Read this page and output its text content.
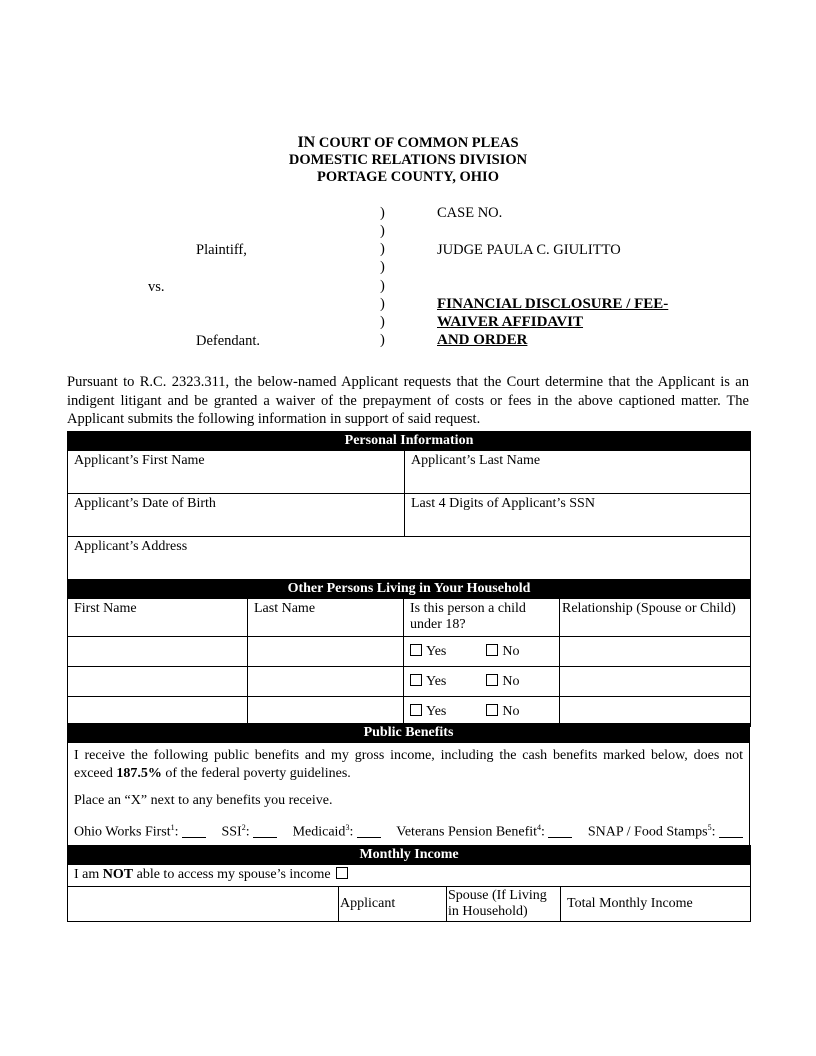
IN COURT OF COMMON PLEAS
DOMESTIC RELATIONS DIVISION
PORTAGE COUNTY, OHIO
Plaintiff,
vs.
Defendant.
)
)
)
)
)
)
)
)
CASE NO.
JUDGE PAULA C. GIULITTO
FINANCIAL DISCLOSURE / FEE-
WAIVER AFFIDAVIT
AND ORDER
Pursuant to R.C. 2323.311, the below-named Applicant requests that the Court determine that the Applicant is an indigent litigant and be granted a waiver of the prepayment of costs or fees in the above captioned matter. The Applicant submits the following information in support of said request.
Personal Information	
Applicant’s First Name	Applicant’s Last Name
Applicant’s Date of Birth	Last 4 Digits of Applicant’s SSN
Applicant’s Address	
Other Persons Living in Your Household			
First Name	Last Name	Is this person a child under 18?	Relationship (Spouse or Child)
		Yes No	
		Yes No	
		Yes No	
Public Benefits

I receive the following public benefits and my gross income, including the cash benefits marked below, does not exceed 187.5% of the federal poverty guidelines.
Place an “X” next to any benefits you receive.
Ohio Works First$^1$:	SSI$^2$:	Medicaid$^3$:	Veterans Pension Benefit$^4$:	SNAP / Food Stamps$^5$:
Monthly Income
I am NOT able to access my spouse’s income
	Applicant	Spouse (If Living in Household)	Total Monthly Income
